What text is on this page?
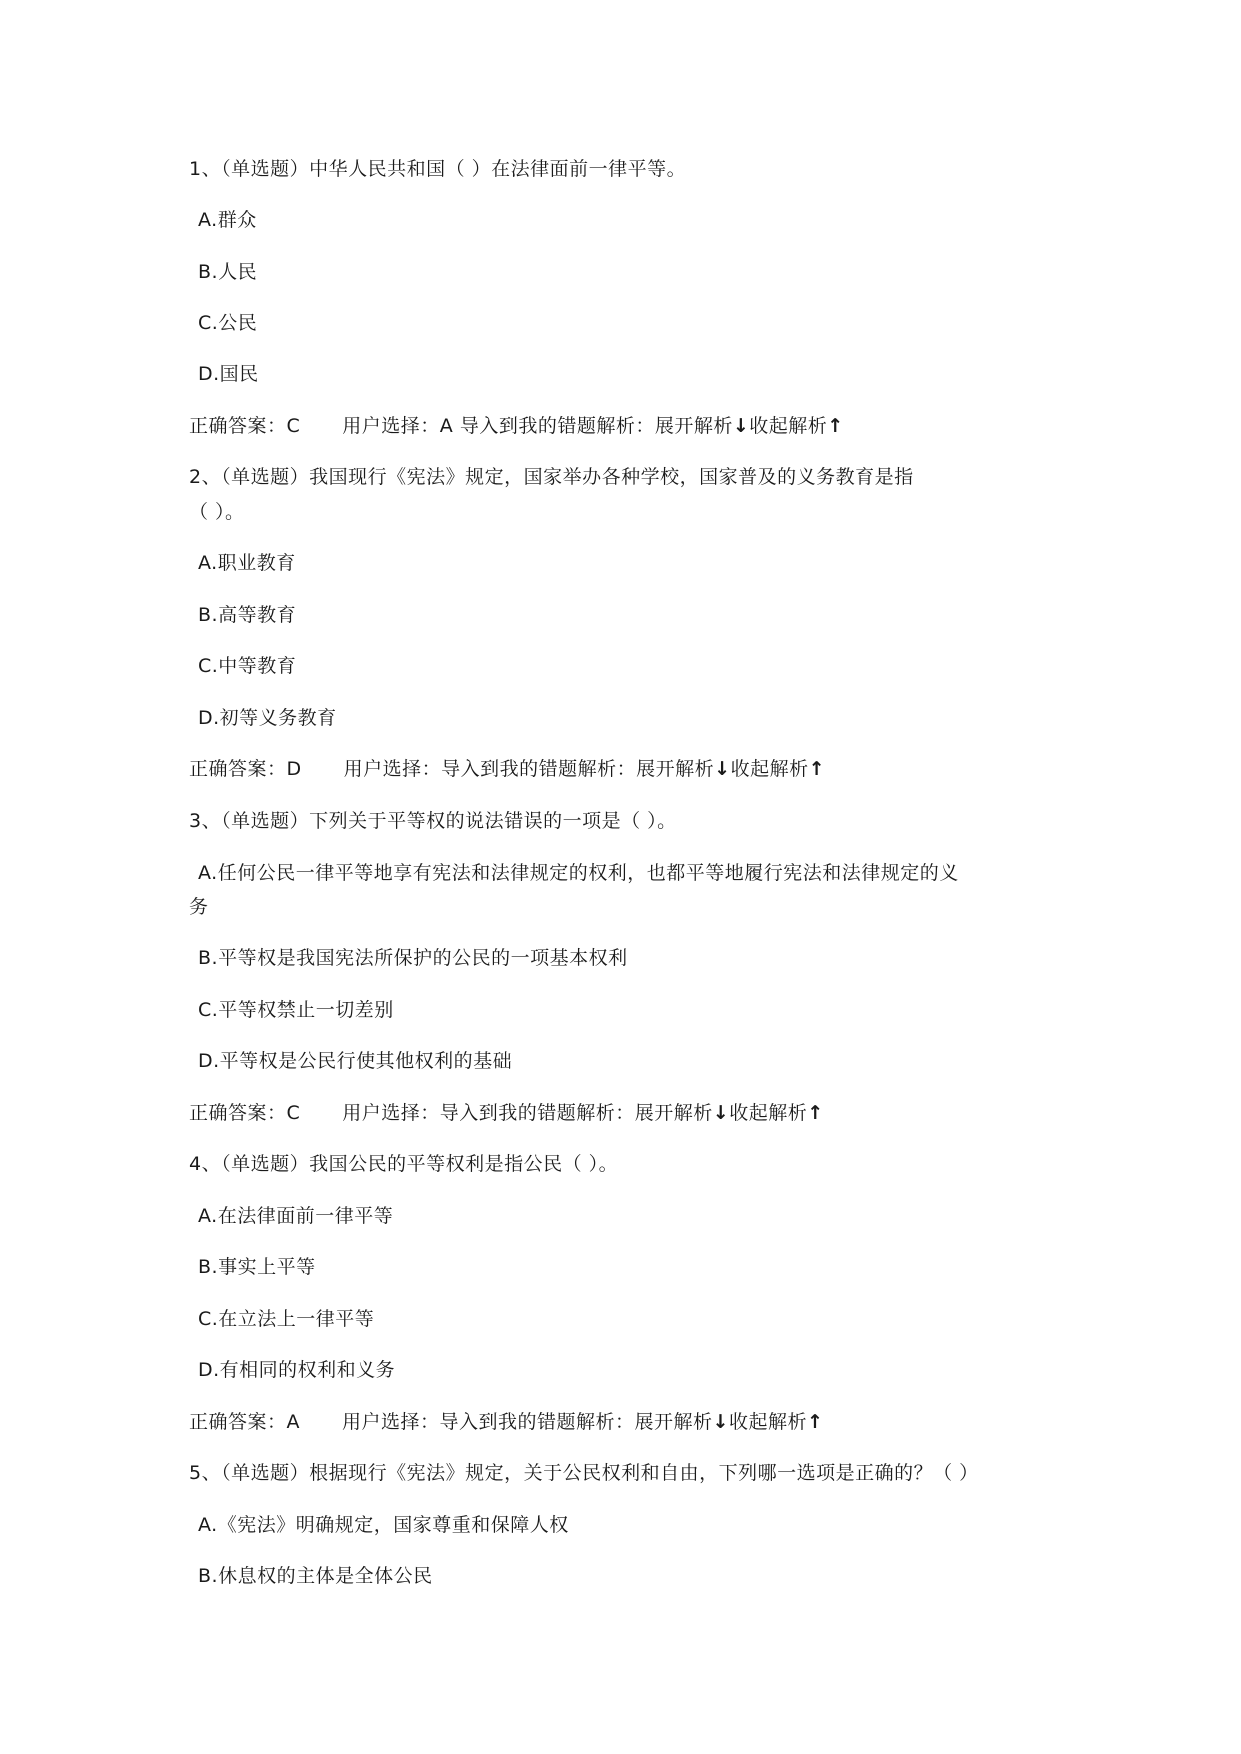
1、（单选题）中华人民共和国（ ）在法律面前一律平等。
A.群众
B.人民
C.公民
D.国民
正确答案：C 用户选择：A 导入到我的错题解析：展开解析↓收起解析↑
2、（单选题）我国现行《宪法》规定，国家举办各种学校，国家普及的义务教育是指
（ ）。
A.职业教育
B.高等教育
C.中等教育
D.初等义务教育
正确答案：D 用户选择：导入到我的错题解析：展开解析↓收起解析↑
3、（单选题）下列关于平等权的说法错误的一项是（ ）。
A.任何公民一律平等地享有宪法和法律规定的权利，也都平等地履行宪法和法律规定的义
务
B.平等权是我国宪法所保护的公民的一项基本权利
C.平等权禁止一切差别
D.平等权是公民行使其他权利的基础
正确答案：C 用户选择：导入到我的错题解析：展开解析↓收起解析↑
4、（单选题）我国公民的平等权利是指公民（ ）。
A.在法律面前一律平等
B.事实上平等
C.在立法上一律平等
D.有相同的权利和义务
正确答案：A 用户选择：导入到我的错题解析：展开解析↓收起解析↑
5、（单选题）根据现行《宪法》规定，关于公民权利和自由，下列哪一选项是正确的？（ ）
A.《宪法》明确规定，国家尊重和保障人权
B.休息权的主体是全体公民
